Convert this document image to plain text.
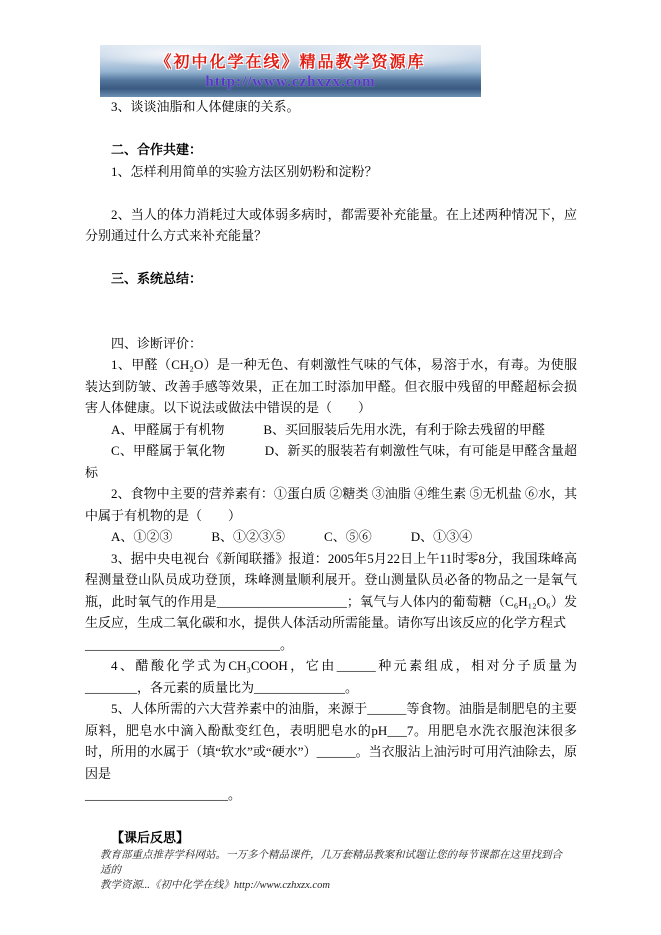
《初中化学在线》精品教学资源库
http://www.czhxzx.com
3、谈谈油脂和人体健康的关系。
二、合作共建：
1、怎样利用简单的实验方法区别奶粉和淀粉？
2、当人的体力消耗过大或体弱多病时，都需要补充能量。在上述两种情况下，应分别通过什么方式来补充能量？
三、系统总结：
四、诊断评价：
1、甲醛（CH₂O）是一种无色、有刺激性气味的气体，易溶于水，有毒。为使服装达到防皱、改善手感等效果，正在加工时添加甲醛。但衣服中残留的甲醛超标会损害人体健康。以下说法或做法中错误的是（　　）
A、甲醛属于有机物　　　B、买回服装后先用水洗，有利于除去残留的甲醛
C、甲醛属于氧化物　　　D、新买的服装若有刺激性气味，有可能是甲醛含量超标
2、食物中主要的营养素有：①蛋白质 ②糖类 ③油脂 ④维生素 ⑤无机盐 ⑥水，其中属于有机物的是（　　）
A、①②③　　　B、①②③⑤　　　C、⑤⑥　　　D、①③④
3、据中央电视台《新闻联播》报道：2005年5月22日上午11时零8分，我国珠峰高程测量登山队员成功登顶，珠峰测量顺利展开。登山测量队员必备的物品之一是氧气瓶，此时氧气的作用是____________________；氧气与人体内的葡萄糖（C₆H₁₂O₆）发生反应，生成二氧化碳和水，提供人体活动所需能量。请你写出该反应的化学方程式
______________________________。
4、醋酸化学式为CH₃COOH，它由______种元素组成，相对分子质量为________，各元素的质量比为______________。
5、人体所需的六大营养素中的油脂，来源于______等食物。油脂是制肥皂的主要原料，肥皂水中滴入酚酞变红色，表明肥皂水的pH___7。用肥皂水洗衣服泡沫很多时，所用的水属于（填“软水”或“硬水”）______。当衣服沾上油污时可用汽油除去，原因是
______________________。
【课后反思】
教育部重点推荐学科网站。一万多个精品课件，几万套精品教案和试题让您的每节课都在这里找到合适的
教学资源...《初中化学在线》http://www.czhxzx.com
